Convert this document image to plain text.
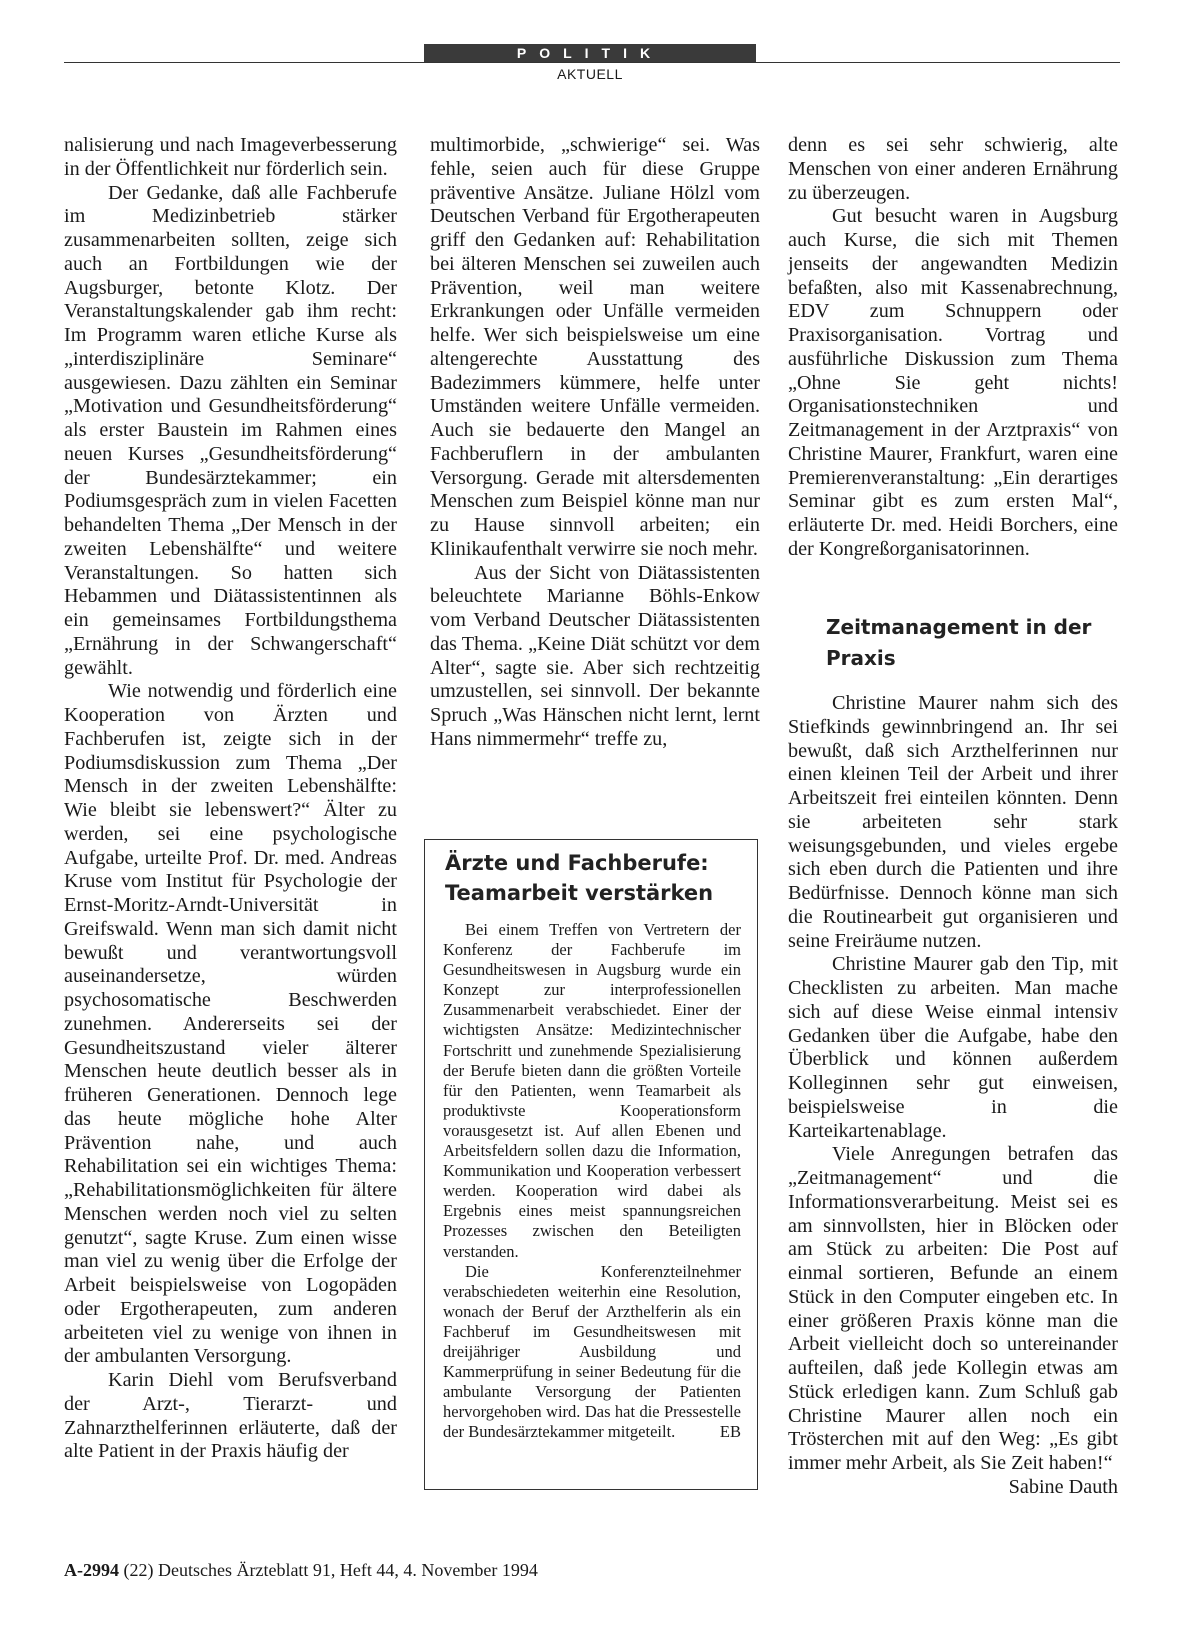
POLITIK
AKTUELL

nalisierung und nach Imageverbesserung in der Öffentlichkeit nur förderlich sein.

Der Gedanke, daß alle Fachberufe im Medizinbetrieb stärker zusammenarbeiten sollten, zeige sich auch an Fortbildungen wie der Augsburger, betonte Klotz. Der Veranstaltungskalender gab ihm recht: Im Programm waren etliche Kurse als „interdisziplinäre Seminare“ ausgewiesen. Dazu zählten ein Seminar „Motivation und Gesundheitsförderung“ als erster Baustein im Rahmen eines neuen Kurses „Gesundheitsförderung“ der Bundesärztekammer; ein Podiumsgespräch zum in vielen Facetten behandelten Thema „Der Mensch in der zweiten Lebenshälfte“ und weitere Veranstaltungen. So hatten sich Hebammen und Diätassistentinnen als ein gemeinsames Fortbildungsthema „Ernährung in der Schwangerschaft“ gewählt.

Wie notwendig und förderlich eine Kooperation von Ärzten und Fachberufen ist, zeigte sich in der Podiumsdiskussion zum Thema „Der Mensch in der zweiten Lebenshälfte: Wie bleibt sie lebenswert?“ Älter zu werden, sei eine psychologische Aufgabe, urteilte Prof. Dr. med. Andreas Kruse vom Institut für Psychologie der Ernst-Moritz-Arndt-Universität in Greifswald. Wenn man sich damit nicht bewußt und verantwortungsvoll auseinandersetze, würden psychosomatische Beschwerden zunehmen. Andererseits sei der Gesundheitszustand vieler älterer Menschen heute deutlich besser als in früheren Generationen. Dennoch lege das heute mögliche hohe Alter Prävention nahe, und auch Rehabilitation sei ein wichtiges Thema: „Rehabilitationsmöglichkeiten für ältere Menschen werden noch viel zu selten genutzt“, sagte Kruse. Zum einen wisse man viel zu wenig über die Erfolge der Arbeit beispielsweise von Logopäden oder Ergotherapeuten, zum anderen arbeiteten viel zu wenige von ihnen in der ambulanten Versorgung.

Karin Diehl vom Berufsverband der Arzt-, Tierarzt- und Zahnarzthelferinnen erläuterte, daß der alte Patient in der Praxis häufig der

multimorbide, „schwierige“ sei. Was fehle, seien auch für diese Gruppe präventive Ansätze. Juliane Hölzl vom Deutschen Verband für Ergotherapeuten griff den Gedanken auf: Rehabilitation bei älteren Menschen sei zuweilen auch Prävention, weil man weitere Erkrankungen oder Unfälle vermeiden helfe. Wer sich beispielsweise um eine altengerechte Ausstattung des Badezimmers kümmere, helfe unter Umständen weitere Unfälle vermeiden. Auch sie bedauerte den Mangel an Fachberuflern in der ambulanten Versorgung. Gerade mit altersdementen Menschen zum Beispiel könne man nur zu Hause sinnvoll arbeiten; ein Klinikaufenthalt verwirre sie noch mehr.

Aus der Sicht von Diätassistenten beleuchtete Marianne Böhls-Enkow vom Verband Deutscher Diätassistenten das Thema. „Keine Diät schützt vor dem Alter“, sagte sie. Aber sich rechtzeitig umzustellen, sei sinnvoll. Der bekannte Spruch „Was Hänschen nicht lernt, lernt Hans nimmermehr“ treffe zu,

Ärzte und Fachberufe:
Teamarbeit verstärken

Bei einem Treffen von Vertretern der Konferenz der Fachberufe im Gesundheitswesen in Augsburg wurde ein Konzept zur interprofessionellen Zusammenarbeit verabschiedet. Einer der wichtigsten Ansätze: Medizintechnischer Fortschritt und zunehmende Spezialisierung der Berufe bieten dann die größten Vorteile für den Patienten, wenn Teamarbeit als produktivste Kooperationsform vorausgesetzt ist. Auf allen Ebenen und Arbeitsfeldern sollen dazu die Information, Kommunikation und Kooperation verbessert werden. Kooperation wird dabei als Ergebnis eines meist spannungsreichen Prozesses zwischen den Beteiligten verstanden.

Die Konferenzteilnehmer verabschiedeten weiterhin eine Resolution, wonach der Beruf der Arzthelferin als ein Fachberuf im Gesundheitswesen mit dreijähriger Ausbildung und Kammerprüfung in seiner Bedeutung für die ambulante Versorgung der Patienten hervorgehoben wird. Das hat die Pressestelle der Bundesärztekammer mitgeteilt.	EB

denn es sei sehr schwierig, alte Menschen von einer anderen Ernährung zu überzeugen.

Gut besucht waren in Augsburg auch Kurse, die sich mit Themen jenseits der angewandten Medizin befaßten, also mit Kassenabrechnung, EDV zum Schnuppern oder Praxisorganisation. Vortrag und ausführliche Diskussion zum Thema „Ohne Sie geht nichts! Organisationstechniken und Zeitmanagement in der Arztpraxis“ von Christine Maurer, Frankfurt, waren eine Premierenveranstaltung: „Ein derartiges Seminar gibt es zum ersten Mal“, erläuterte Dr. med. Heidi Borchers, eine der Kongreßorganisatorinnen.

Zeitmanagement in der Praxis

Christine Maurer nahm sich des Stiefkinds gewinnbringend an. Ihr sei bewußt, daß sich Arzthelferinnen nur einen kleinen Teil der Arbeit und ihrer Arbeitszeit frei einteilen könnten. Denn sie arbeiteten sehr stark weisungsgebunden, und vieles ergebe sich eben durch die Patienten und ihre Bedürfnisse. Dennoch könne man sich die Routinearbeit gut organisieren und seine Freiräume nutzen.

Christine Maurer gab den Tip, mit Checklisten zu arbeiten. Man mache sich auf diese Weise einmal intensiv Gedanken über die Aufgabe, habe den Überblick und können außerdem Kolleginnen sehr gut einweisen, beispielsweise in die Karteikartenablage.

Viele Anregungen betrafen das „Zeitmanagement“ und die Informationsverarbeitung. Meist sei es am sinnvollsten, hier in Blöcken oder am Stück zu arbeiten: Die Post auf einmal sortieren, Befunde an einem Stück in den Computer eingeben etc. In einer größeren Praxis könne man die Arbeit vielleicht doch so untereinander aufteilen, daß jede Kollegin etwas am Stück erledigen kann. Zum Schluß gab Christine Maurer allen noch ein Trösterchen mit auf den Weg: „Es gibt immer mehr Arbeit, als Sie Zeit haben!“
Sabine Dauth

A-2994 (22) Deutsches Ärzteblatt 91, Heft 44, 4. November 1994
